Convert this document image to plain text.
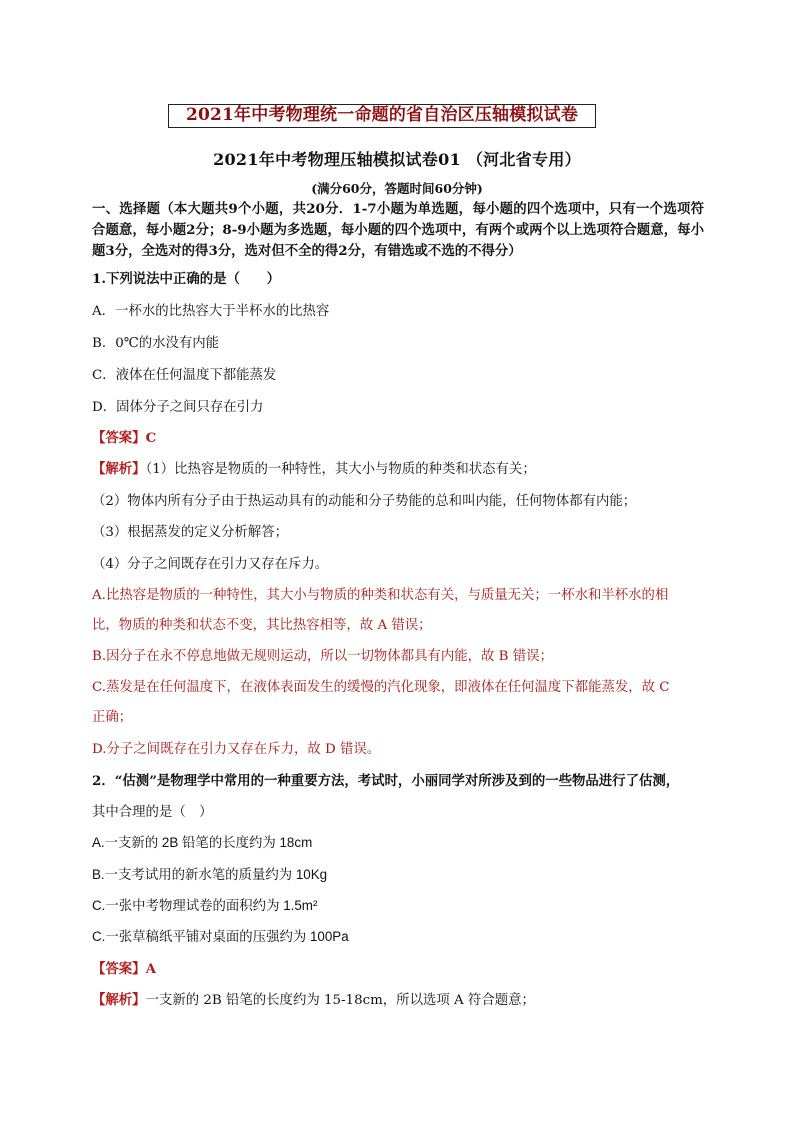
2021年中考物理统一命题的省自治区压轴模拟试卷
2021年中考物理压轴模拟试卷01 （河北省专用）
(满分60分，答题时间60分钟)
一、选择题（本大题共9个小题，共20分．1-7小题为单选题，每小题的四个选项中，只有一个选项符合题意，每小题2分；8-9小题为多选题，每小题的四个选项中，有两个或两个以上选项符合题意，每小题3分，全选对的得3分，选对但不全的得2分，有错选或不选的不得分）
1.下列说法中正确的是（　　）
A．一杯水的比热容大于半杯水的比热容
B．0℃的水没有内能
C．液体在任何温度下都能蒸发
D．固体分子之间只存在引力
【答案】C
【解析】（1）比热容是物质的一种特性，其大小与物质的种类和状态有关；
（2）物体内所有分子由于热运动具有的动能和分子势能的总和叫内能，任何物体都有内能；
（3）根据蒸发的定义分析解答；
（4）分子之间既存在引力又存在斥力。
A.比热容是物质的一种特性，其大小与物质的种类和状态有关，与质量无关；一杯水和半杯水的相
比，物质的种类和状态不变，其比热容相等，故 A 错误；
B.因分子在永不停息地做无规则运动，所以一切物体都具有内能，故 B 错误；
C.蒸发是在任何温度下，在液体表面发生的缓慢的汽化现象，即液体在任何温度下都能蒸发，故 C
正确；
D.分子之间既存在引力又存在斥力，故 D 错误。
2．“估测”是物理学中常用的一种重要方法，考试时，小丽同学对所涉及到的一些物品进行了估测，
其中合理的是（　）
A.一支新的 2B 铅笔的长度约为 18cm
B.一支考试用的新水笔的质量约为 10Kg
C.一张中考物理试卷的面积约为 1.5m²
C.一张草稿纸平铺对桌面的压强约为 100Pa
【答案】A
【解析】一支新的 2B 铅笔的长度约为 15-18cm，所以选项 A 符合题意；
